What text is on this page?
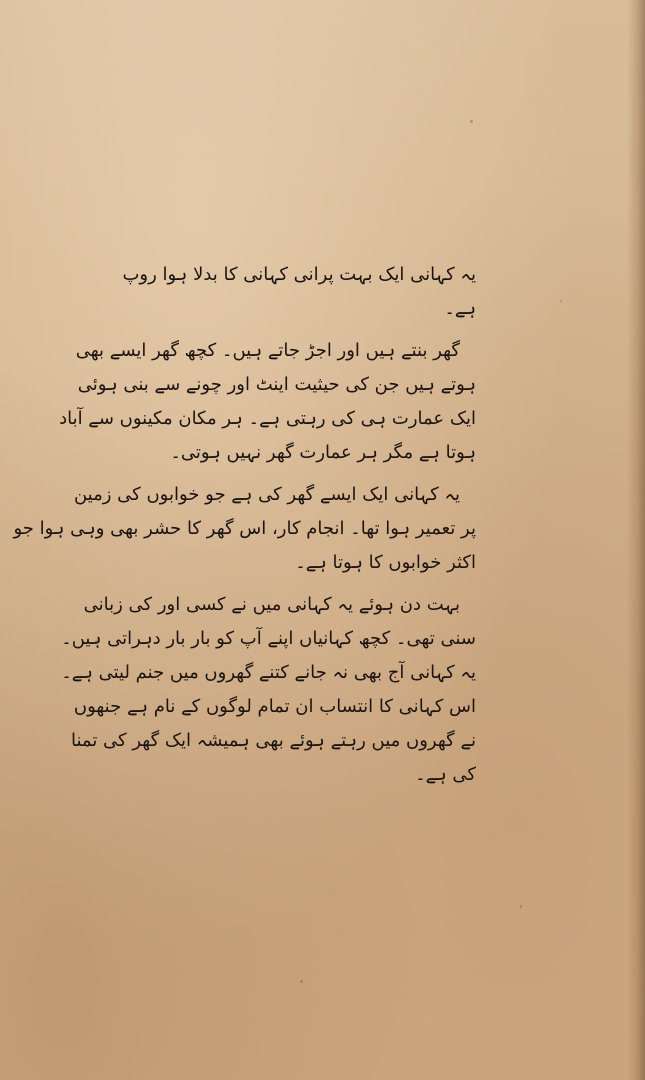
یہ کہانی ایک بہت پرانی کہانی کا بدلا ہوا روپ
ہے۔

گھر بنتے ہیں اور اجڑ جاتے ہیں۔ کچھ گھر ایسے بھی
ہوتے ہیں جن کی حیثیت اینٹ اور چونے سے بنی ہوئی
ایک عمارت ہی کی رہتی ہے۔ ہر مکان مکینوں سے آباد
ہوتا ہے مگر ہر عمارت گھر نہیں ہوتی۔

یہ کہانی ایک ایسے گھر کی ہے جو خوابوں کی زمین
پر تعمیر ہوا تھا۔ انجام کار، اس گھر کا حشر بھی وہی ہوا جو
اکثر خوابوں کا ہوتا ہے۔

بہت دن ہوئے یہ کہانی میں نے کسی اور کی زبانی
سنی تھی۔ کچھ کہانیاں اپنے آپ کو بار بار دہراتی ہیں۔
یہ کہانی آج بھی نہ جانے کتنے گھروں میں جنم لیتی ہے۔
اس کہانی کا انتساب ان تمام لوگوں کے نام ہے جنھوں
نے گھروں میں رہتے ہوئے بھی ہمیشہ ایک گھر کی تمنا
کی ہے۔
